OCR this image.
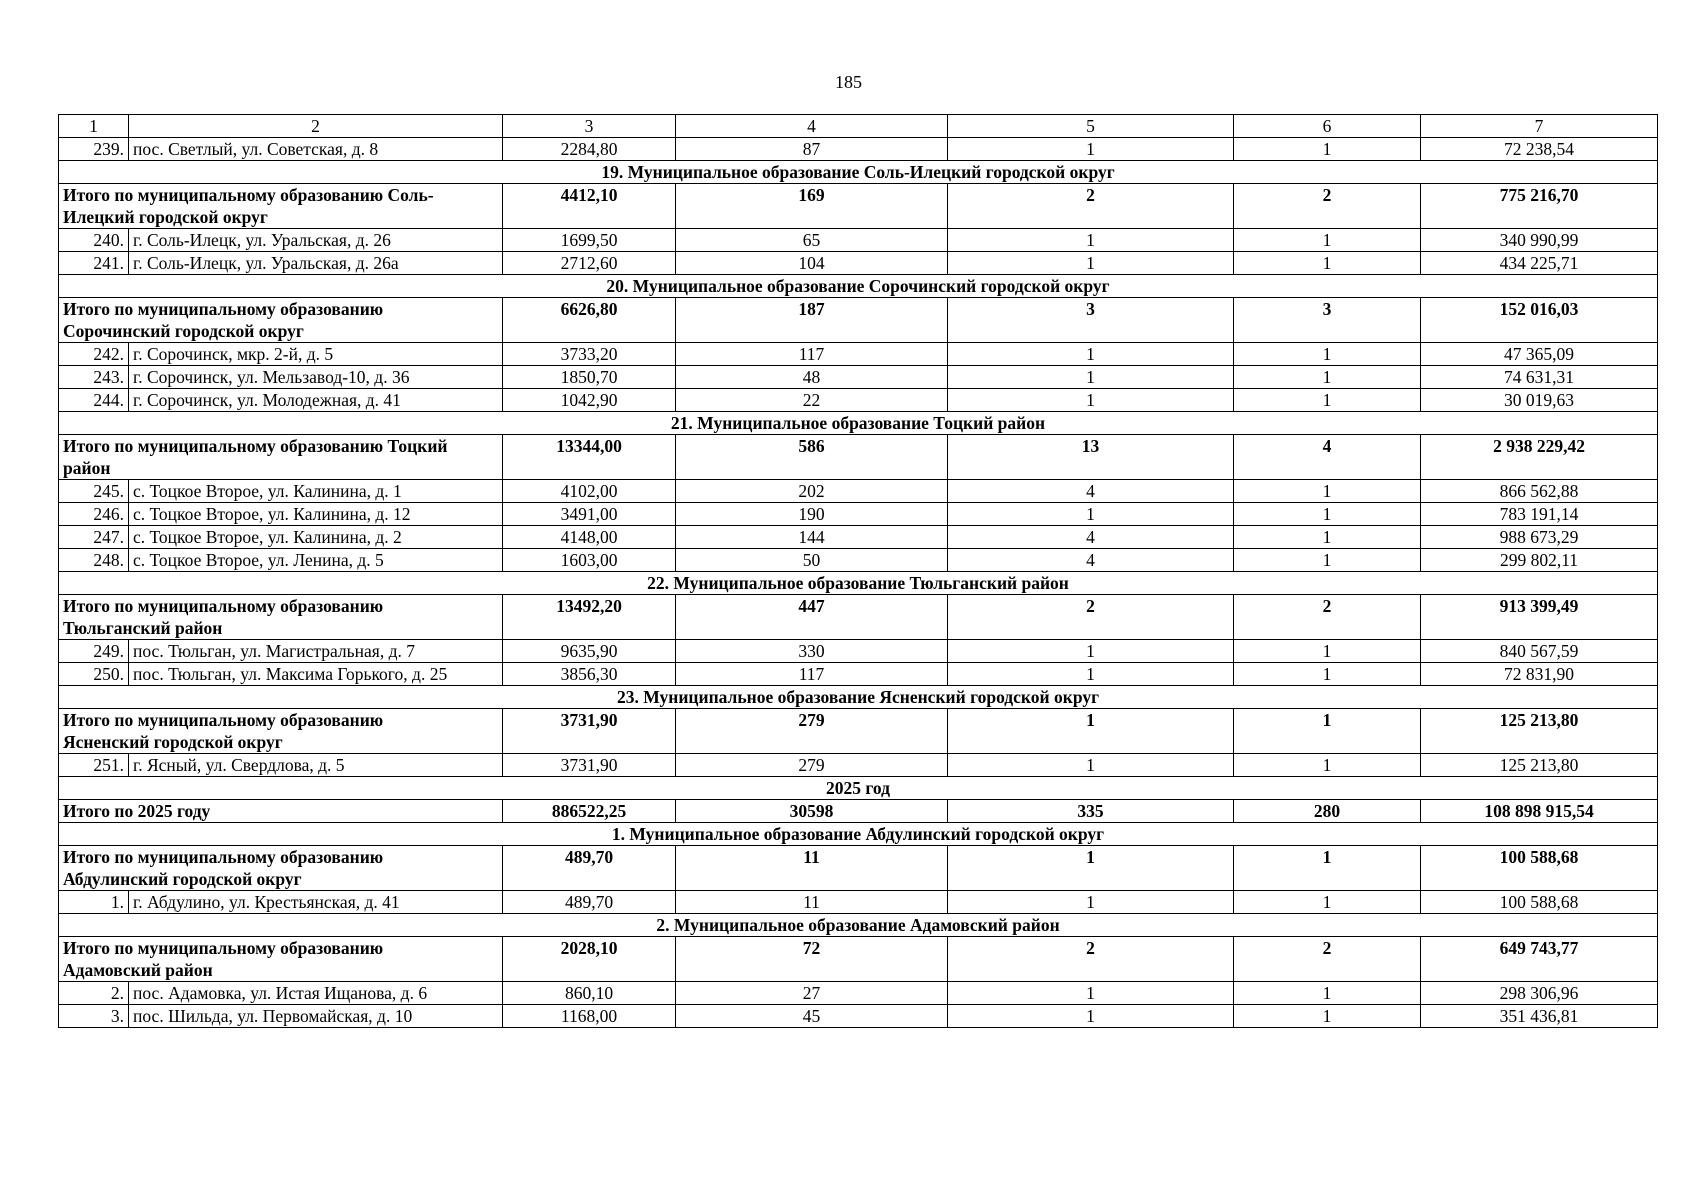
185
1	2	3	4	5	6	7
239.	пос. Светлый, ул. Советская, д. 8	2284,80	87	1	1	72 238,54
19. Муниципальное образование Соль-Илецкий городской округ						
Итого по муниципальному образованию Соль-Илецкий городской округ		4412,10	169	2	2	775 216,70
240.	г. Соль-Илецк, ул. Уральская, д. 26	1699,50	65	1	1	340 990,99
241.	г. Соль-Илецк, ул. Уральская, д. 26а	2712,60	104	1	1	434 225,71
20. Муниципальное образование Сорочинский городской округ						
Итого по муниципальному образованию Сорочинский городской округ		6626,80	187	3	3	152 016,03
242.	г. Сорочинск, мкр. 2-й, д. 5	3733,20	117	1	1	47 365,09
243.	г. Сорочинск, ул. Мельзавод-10, д. 36	1850,70	48	1	1	74 631,31
244.	г. Сорочинск, ул. Молодежная, д. 41	1042,90	22	1	1	30 019,63
21. Муниципальное образование Тоцкий район						
Итого по муниципальному образованию Тоцкий район		13344,00	586	13	4	2 938 229,42
245.	с. Тоцкое Второе, ул. Калинина, д. 1	4102,00	202	4	1	866 562,88
246.	с. Тоцкое Второе, ул. Калинина, д. 12	3491,00	190	1	1	783 191,14
247.	с. Тоцкое Второе, ул. Калинина, д. 2	4148,00	144	4	1	988 673,29
248.	с. Тоцкое Второе, ул. Ленина, д. 5	1603,00	50	4	1	299 802,11
22. Муниципальное образование Тюльганский район						
Итого по муниципальному образованию Тюльганский район		13492,20	447	2	2	913 399,49
249.	пос. Тюльган, ул. Магистральная, д. 7	9635,90	330	1	1	840 567,59
250.	пос. Тюльган, ул. Максима Горького, д. 25	3856,30	117	1	1	72 831,90
23. Муниципальное образование Ясненский городской округ						
Итого по муниципальному образованию Ясненский городской округ		3731,90	279	1	1	125 213,80
251.	г. Ясный, ул. Свердлова, д. 5	3731,90	279	1	1	125 213,80
2025 год						
Итого по 2025 году		886522,25	30598	335	280	108 898 915,54
1. Муниципальное образование Абдулинский городской округ						
Итого по муниципальному образованию Абдулинский городской округ		489,70	11	1	1	100 588,68
1.	г. Абдулино, ул. Крестьянская, д. 41	489,70	11	1	1	100 588,68
2. Муниципальное образование Адамовский район						
Итого по муниципальному образованию Адамовский район		2028,10	72	2	2	649 743,77
2.	пос. Адамовка, ул. Истая Ищанова, д. 6	860,10	27	1	1	298 306,96
3.	пос. Шильда, ул. Первомайская, д. 10	1168,00	45	1	1	351 436,81
